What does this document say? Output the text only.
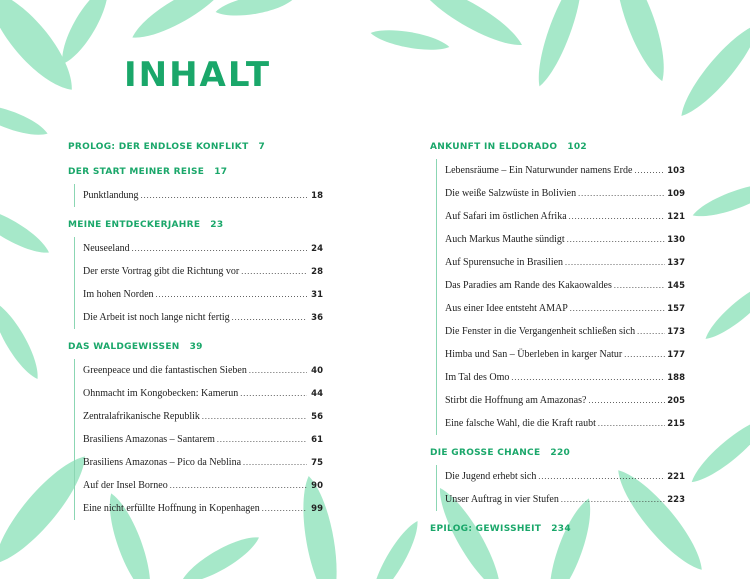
INHALT
PROLOG: DER ENDLOSE KONFLIKT 7
DER START MEINER REISE 17
Punktlandung .....	18
MEINE ENTDECKERJAHRE 23
Neuseeland .....	24
Der erste Vortrag gibt die Richtung vor .....	28
Im hohen Norden .....	31
Die Arbeit ist noch lange nicht fertig .....	36
DAS WALDGEWISSEN 39
Greenpeace und die fantastischen Sieben .....	40
Ohnmacht im Kongobecken: Kamerun .....	44
Zentralafrikanische Republik .....	56
Brasiliens Amazonas – Santarem .....	61
Brasiliens Amazonas – Pico da Neblina .....	75
Auf der Insel Borneo .....	90
Eine nicht erfüllte Hoffnung in Kopenhagen .....	99
ANKUNFT IN ELDORADO 102
Lebensräume – Ein Naturwunder namens Erde .....	103
Die weiße Salzwüste in Bolivien .....	109
Auf Safari im östlichen Afrika .....	121
Auch Markus Mauthe sündigt .....	130
Auf Spurensuche in Brasilien .....	137
Das Paradies am Rande des Kakaowaldes .....	145
Aus einer Idee entsteht AMAP .....	157
Die Fenster in die Vergangenheit schließen sich .....	173
Himba und San – Überleben in karger Natur .....	177
Im Tal des Omo .....	188
Stirbt die Hoffnung am Amazonas? .....	205
Eine falsche Wahl, die die Kraft raubt .....	215
DIE GROSSE CHANCE 220
Die Jugend erhebt sich .....	221
Unser Auftrag in vier Stufen .....	223
EPILOG: GEWISSHEIT 234
